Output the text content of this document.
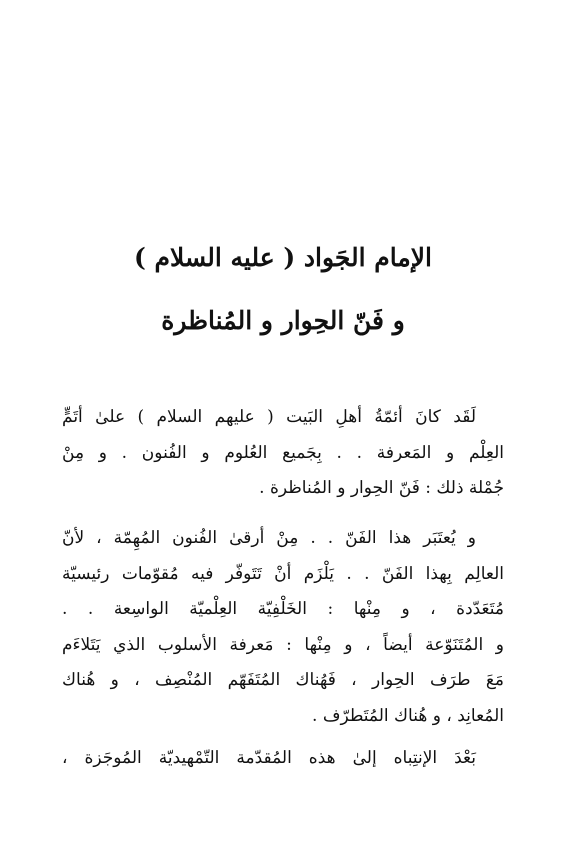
الإمام الجَواد ( عليه السلام )
و فَنّ الحِوار و المُناظرة
لَقَد كانَ أئمّةُ أهلِ البَيت ( عليهم السلام ) علىٰ أتَمٍّ
العِلْم و المَعرفة . . بِجَميع العُلوم و الفُنون . و مِنْ
جُمْلة ذلك : فَنّ الحِوار و المُناظرة .
و يُعتَبَر هذا الفَنّ . . مِنْ أرقىٰ الفُنون المُهِمّة ، لأنّ
العالِم بِهذا الفَنّ . . يَلْزَم أنْ تَتَوفّر فيه مُقوّمات رئيسيّة
مُتَعَدّدة ، و مِنْها : الخَلْفِيّة العِلْميّة الواسِعة . .
و المُتَنَوّعة أيضاً ، و مِنْها : مَعرفة الأسلوب الذي يَتَلاءَم
مَعَ طرَف الحِوار ، فَهُناك المُتَفَهّم المُنْصِف ، و هُناك
المُعانِد ، و هُناك المُتَطرّف .
بَعْدَ الإنتِباه إلىٰ هذه المُقدّمة التّمْهيديّة المُوجَزة ،
